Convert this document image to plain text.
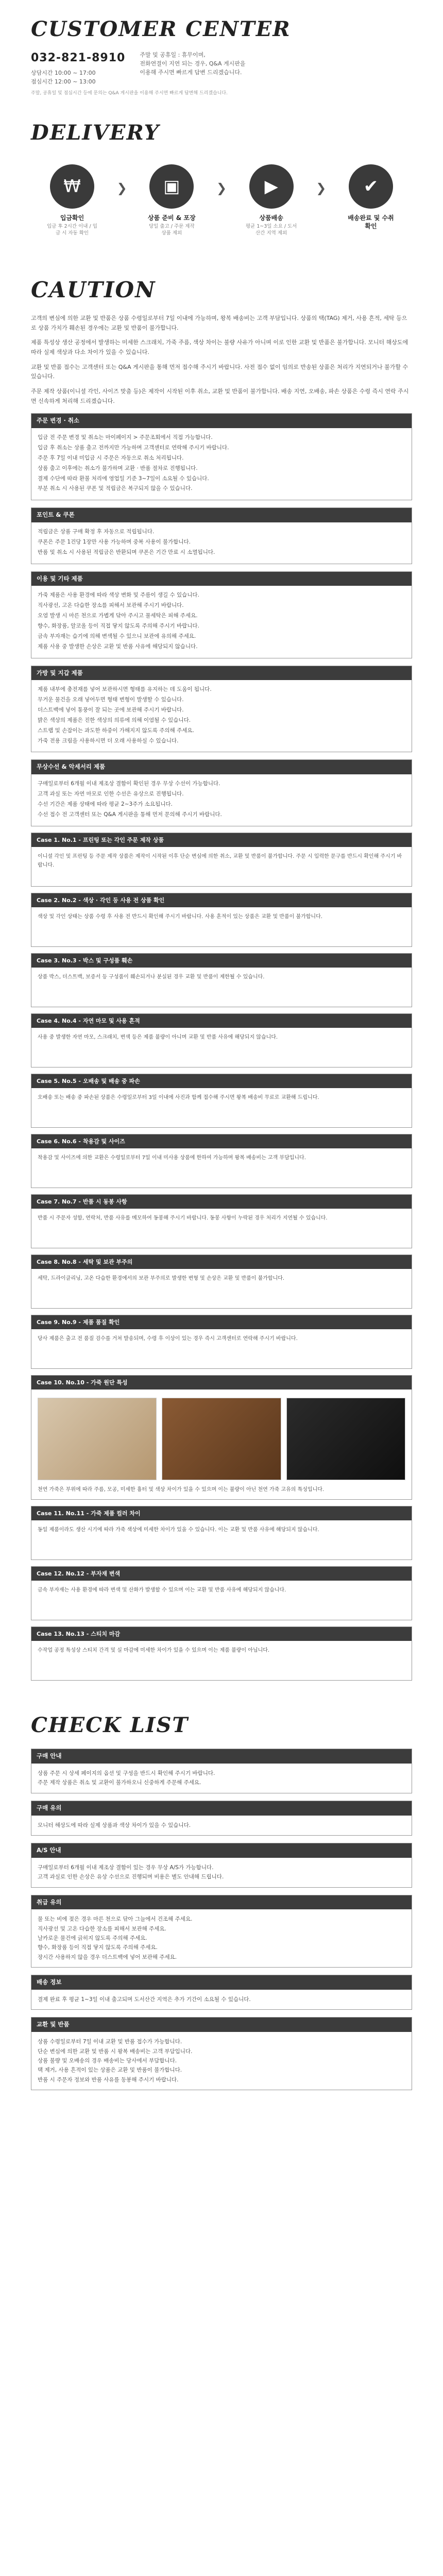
CUSTOMER CENTER
032-821-8910
상담시간 10:00 ~ 17:00
점심시간 12:00 ~ 13:00
주말 및 공휴일 : 휴무이며,
전화연결이 지연 되는 경우, Q&A 게시판을
이용해 주시면 빠르게 답변 드리겠습니다.
주말, 공휴일 및 점심시간 등에 문의는 Q&A 게시판을 이용해 주시면 빠르게 답변해 드리겠습니다.
DELIVERY
₩
입금확인
입금 후 2시간 이내 / 입금 시 자동 확인
❯	▣
상품 준비 & 포장
당일 출고 / 주문 제작 상품 제외
❯	▶
상품배송
평균 1~3일 소요 / 도서산간 지역 제외
❯	✔
배송완료 및 수취확인
CAUTION

고객의 변심에 의한 교환 및 반품은 상품 수령일로부터 7일 이내에 가능하며, 왕복 배송비는 고객 부담입니다. 상품의 택(TAG) 제거, 사용 흔적, 세탁 등으로 상품 가치가 훼손된 경우에는 교환 및 반품이 불가합니다.

제품 특성상 생산 공정에서 발생하는 미세한 스크래치, 가죽 주름, 색상 차이는 불량 사유가 아니며 이로 인한 교환 및 반품은 불가합니다. 모니터 해상도에 따라 실제 색상과 다소 차이가 있을 수 있습니다.

교환 및 반품 접수는 고객센터 또는 Q&A 게시판을 통해 먼저 접수해 주시기 바랍니다. 사전 접수 없이 임의로 반송된 상품은 처리가 지연되거나 불가할 수 있습니다.

주문 제작 상품(이니셜 각인, 사이즈 맞춤 등)은 제작이 시작된 이후 취소, 교환 및 반품이 불가합니다. 배송 지연, 오배송, 파손 상품은 수령 즉시 연락 주시면 신속하게 처리해 드리겠습니다.

주문 변경 · 취소

입금 전 주문 변경 및 취소는 마이페이지 > 주문조회에서 직접 가능합니다.

입금 후 취소는 상품 출고 전까지만 가능하며 고객센터로 연락해 주시기 바랍니다.

주문 후 7일 이내 미입금 시 주문은 자동으로 취소 처리됩니다.

상품 출고 이후에는 취소가 불가하며 교환 · 반품 절차로 진행됩니다.

결제 수단에 따라 환불 처리에 영업일 기준 3~7일이 소요될 수 있습니다.

부분 취소 시 사용된 쿠폰 및 적립금은 복구되지 않을 수 있습니다.

포인트 & 쿠폰

적립금은 상품 구매 확정 후 자동으로 적립됩니다.

쿠폰은 주문 1건당 1장만 사용 가능하며 중복 사용이 불가합니다.

반품 및 취소 시 사용된 적립금은 반환되며 쿠폰은 기간 만료 시 소멸됩니다.

이용 및 기타 제품

가죽 제품은 사용 환경에 따라 색상 변화 및 주름이 생길 수 있습니다.

직사광선, 고온 다습한 장소를 피해서 보관해 주시기 바랍니다.

오염 발생 시 마른 천으로 가볍게 닦아 주시고 물세탁은 피해 주세요.

향수, 화장품, 알코올 등이 직접 닿지 않도록 주의해 주시기 바랍니다.

금속 부자재는 습기에 의해 변색될 수 있으니 보관에 유의해 주세요.

제품 사용 중 발생한 손상은 교환 및 반품 사유에 해당되지 않습니다.

가방 및 지갑 제품

제품 내부에 충전재를 넣어 보관하시면 형태를 유지하는 데 도움이 됩니다.

무거운 물건을 오래 넣어두면 형태 변형이 발생할 수 있습니다.

더스트백에 넣어 통풍이 잘 되는 곳에 보관해 주시기 바랍니다.

밝은 색상의 제품은 진한 색상의 의류에 의해 이염될 수 있습니다.

스트랩 및 손잡이는 과도한 하중이 가해지지 않도록 주의해 주세요.

가죽 전용 크림을 사용하시면 더 오래 사용하실 수 있습니다.

무상수선 & 악세서리 제품

구매일로부터 6개월 이내 제조상 결함이 확인된 경우 무상 수선이 가능합니다.

고객 과실 또는 자연 마모로 인한 수선은 유상으로 진행됩니다.

수선 기간은 제품 상태에 따라 평균 2~3주가 소요됩니다.

수선 접수 전 고객센터 또는 Q&A 게시판을 통해 먼저 문의해 주시기 바랍니다.

Case 1. No.1 - 프린팅 또는 각인 주문 제작 상품
이니셜 각인 및 프린팅 등 주문 제작 상품은 제작이 시작된 이후 단순 변심에 의한 취소, 교환 및 반품이 불가합니다. 주문 시 입력한 문구를 반드시 확인해 주시기 바랍니다.
Case 2. No.2 - 색상 · 각인 등 사용 전 상품 확인
색상 및 각인 상태는 상품 수령 후 사용 전 반드시 확인해 주시기 바랍니다. 사용 흔적이 있는 상품은 교환 및 반품이 불가합니다.
Case 3. No.3 - 박스 및 구성품 훼손
상품 박스, 더스트백, 보증서 등 구성품이 훼손되거나 분실된 경우 교환 및 반품이 제한될 수 있습니다.
Case 4. No.4 - 자연 마모 및 사용 흔적
사용 중 발생한 자연 마모, 스크래치, 변색 등은 제품 불량이 아니며 교환 및 반품 사유에 해당되지 않습니다.
Case 5. No.5 - 오배송 및 배송 중 파손
오배송 또는 배송 중 파손된 상품은 수령일로부터 3일 이내에 사진과 함께 접수해 주시면 왕복 배송비 무료로 교환해 드립니다.
Case 6. No.6 - 착용감 및 사이즈
착용감 및 사이즈에 의한 교환은 수령일로부터 7일 이내 미사용 상품에 한하여 가능하며 왕복 배송비는 고객 부담입니다.
Case 7. No.7 - 반품 시 동봉 사항
반품 시 주문자 성함, 연락처, 반품 사유를 메모하여 동봉해 주시기 바랍니다. 동봉 사항이 누락된 경우 처리가 지연될 수 있습니다.
Case 8. No.8 - 세탁 및 보관 부주의
세탁, 드라이클리닝, 고온 다습한 환경에서의 보관 부주의로 발생한 변형 및 손상은 교환 및 반품이 불가합니다.
Case 9. No.9 - 제품 품질 확인
당사 제품은 출고 전 품질 검수를 거쳐 발송되며, 수령 후 이상이 있는 경우 즉시 고객센터로 연락해 주시기 바랍니다.
Case 10. No.10 - 가죽 원단 특성
천연 가죽은 부위에 따라 주름, 모공, 미세한 흉터 및 색상 차이가 있을 수 있으며 이는 불량이 아닌 천연 가죽 고유의 특성입니다.
Case 11. No.11 - 가죽 제품 컬러 차이
동일 제품이라도 생산 시기에 따라 가죽 색상에 미세한 차이가 있을 수 있습니다. 이는 교환 및 반품 사유에 해당되지 않습니다.
Case 12. No.12 - 부자재 변색
금속 부자재는 사용 환경에 따라 변색 및 산화가 발생할 수 있으며 이는 교환 및 반품 사유에 해당되지 않습니다.
Case 13. No.13 - 스티치 마감
수작업 공정 특성상 스티치 간격 및 실 마감에 미세한 차이가 있을 수 있으며 이는 제품 불량이 아닙니다.
CHECK LIST
구매 안내

상품 주문 시 상세 페이지의 옵션 및 구성을 반드시 확인해 주시기 바랍니다.

주문 제작 상품은 취소 및 교환이 불가하오니 신중하게 주문해 주세요.

구매 유의

모니터 해상도에 따라 실제 상품과 색상 차이가 있을 수 있습니다.

A/S 안내

구매일로부터 6개월 이내 제조상 결함이 있는 경우 무상 A/S가 가능합니다.

고객 과실로 인한 손상은 유상 수선으로 진행되며 비용은 별도 안내해 드립니다.

취급 유의

물 또는 비에 젖은 경우 마른 천으로 닦아 그늘에서 건조해 주세요.

직사광선 및 고온 다습한 장소를 피해서 보관해 주세요.

날카로운 물건에 긁히지 않도록 주의해 주세요.

향수, 화장품 등이 직접 닿지 않도록 주의해 주세요.

장시간 사용하지 않을 경우 더스트백에 넣어 보관해 주세요.

배송 정보

결제 완료 후 평균 1~3일 이내 출고되며 도서산간 지역은 추가 기간이 소요될 수 있습니다.

교환 및 반품

상품 수령일로부터 7일 이내 교환 및 반품 접수가 가능합니다.

단순 변심에 의한 교환 및 반품 시 왕복 배송비는 고객 부담입니다.

상품 불량 및 오배송의 경우 배송비는 당사에서 부담합니다.

택 제거, 사용 흔적이 있는 상품은 교환 및 반품이 불가합니다.

반품 시 주문자 정보와 반품 사유를 동봉해 주시기 바랍니다.
